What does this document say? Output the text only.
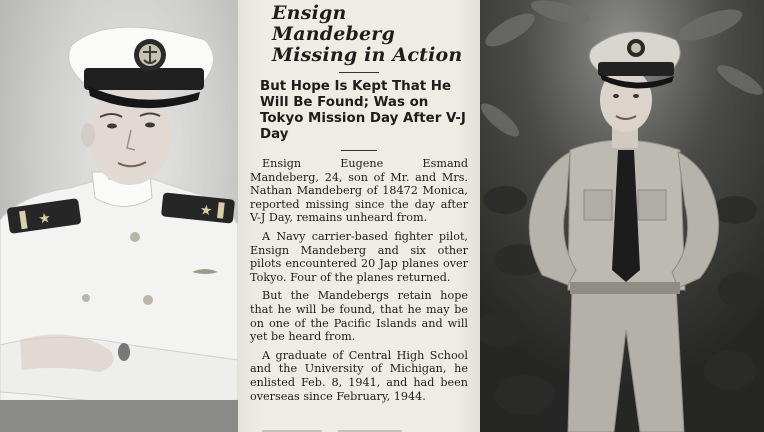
★	★
Ensign Mandeberg
Missing in Action
But Hope Is Kept That He Will Be Found; Was on Tokyo Mission Day After V-J Day

Ensign Eugene Esmand Mandeberg, 24, son of Mr. and Mrs. Nathan Mandeberg of 18472 Monica, reported missing since the day after V-J Day, remains unheard from.

A Navy carrier-based fighter pilot, Ensign Mandeberg and six other pilots encountered 20 Jap planes over Tokyo. Four of the planes returned.

But the Mandebergs retain hope that he will be found, that he may be on one of the Pacific Islands and will yet be heard from.

A graduate of Central High School and the University of Michigan, he enlisted Feb. 8, 1941, and had been overseas since February, 1944.
